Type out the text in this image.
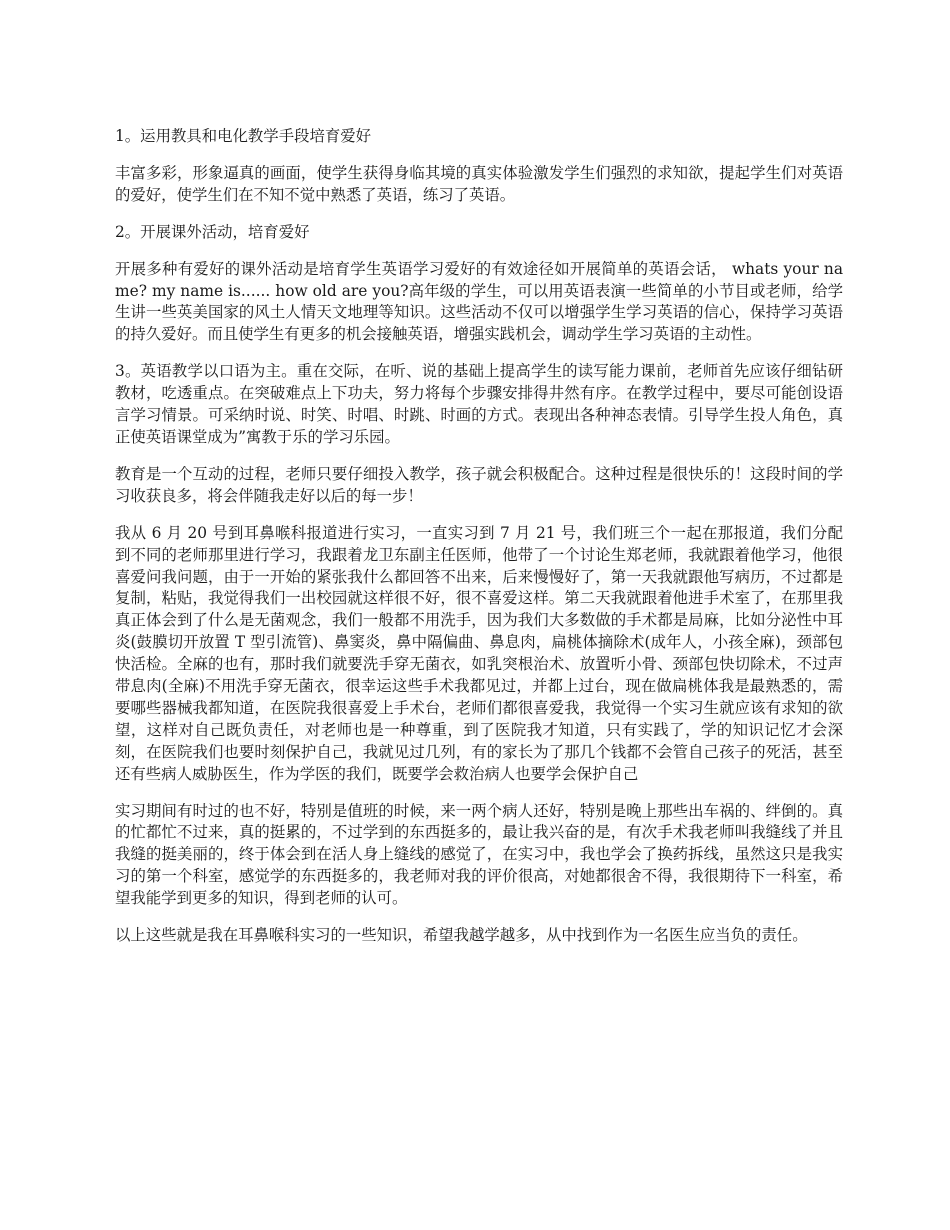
1。运用教具和电化教学手段培育爱好

丰富多彩，形象逼真的画面，使学生获得身临其境的真实体验激发学生们强烈的求知欲，提起学生们对英语的爱好，使学生们在不知不觉中熟悉了英语，练习了英语。

2。开展课外活动，培育爱好

开展多种有爱好的课外活动是培育学生英语学习爱好的有效途径如开展简单的英语会话， whats your name? my name is...... how old are you?高年级的学生，可以用英语表演一些简单的小节目或老师，给学生讲一些英美国家的风土人情天文地理等知识。这些活动不仅可以增强学生学习英语的信心，保持学习英语的持久爱好。而且使学生有更多的机会接触英语，增强实践机会，调动学生学习英语的主动性。

3。英语教学以口语为主。重在交际，在听、说的基础上提高学生的读写能力课前，老师首先应该仔细钻研教材，吃透重点。在突破难点上下功夫，努力将每个步骤安排得井然有序。在教学过程中，要尽可能创设语言学习情景。可采纳时说、时笑、时唱、时跳、时画的方式。表现出各种神态表情。引导学生投人角色，真正使英语课堂成为”寓教于乐的学习乐园。

教育是一个互动的过程，老师只要仔细投入教学，孩子就会积极配合。这种过程是很快乐的！这段时间的学习收获良多，将会伴随我走好以后的每一步！

我从 6 月 20 号到耳鼻喉科报道进行实习，一直实习到 7 月 21 号，我们班三个一起在那报道，我们分配到不同的老师那里进行学习，我跟着龙卫东副主任医师，他带了一个讨论生郑老师，我就跟着他学习，他很喜爱问我问题，由于一开始的紧张我什么都回答不出来，后来慢慢好了，第一天我就跟他写病历，不过都是复制，粘贴，我觉得我们一出校园就这样很不好，很不喜爱这样。第二天我就跟着他进手术室了，在那里我真正体会到了什么是无菌观念，我们一般都不用洗手，因为我们大多数做的手术都是局麻，比如分泌性中耳炎(鼓膜切开放置 T 型引流管)、鼻窦炎，鼻中隔偏曲、鼻息肉，扁桃体摘除术(成年人，小孩全麻)，颈部包快活检。全麻的也有，那时我们就要洗手穿无菌衣，如乳突根治术、放置听小骨、颈部包快切除术，不过声带息肉(全麻)不用洗手穿无菌衣，很幸运这些手术我都见过，并都上过台，现在做扁桃体我是最熟悉的，需要哪些器械我都知道，在医院我很喜爱上手术台，老师们都很喜爱我，我觉得一个实习生就应该有求知的欲望，这样对自己既负责任，对老师也是一种尊重，到了医院我才知道，只有实践了，学的知识记忆才会深刻，在医院我们也要时刻保护自己，我就见过几列，有的家长为了那几个钱都不会管自己孩子的死活，甚至还有些病人威胁医生，作为学医的我们，既要学会救治病人也要学会保护自己

实习期间有时过的也不好，特别是值班的时候，来一两个病人还好，特别是晚上那些出车祸的、绊倒的。真的忙都忙不过来，真的挺累的，不过学到的东西挺多的，最让我兴奋的是，有次手术我老师叫我缝线了并且我缝的挺美丽的，终于体会到在活人身上缝线的感觉了，在实习中，我也学会了换药拆线，虽然这只是我实习的第一个科室，感觉学的东西挺多的，我老师对我的评价很高，对她都很舍不得，我很期待下一科室，希望我能学到更多的知识，得到老师的认可。

以上这些就是我在耳鼻喉科实习的一些知识，希望我越学越多，从中找到作为一名医生应当负的责任。
